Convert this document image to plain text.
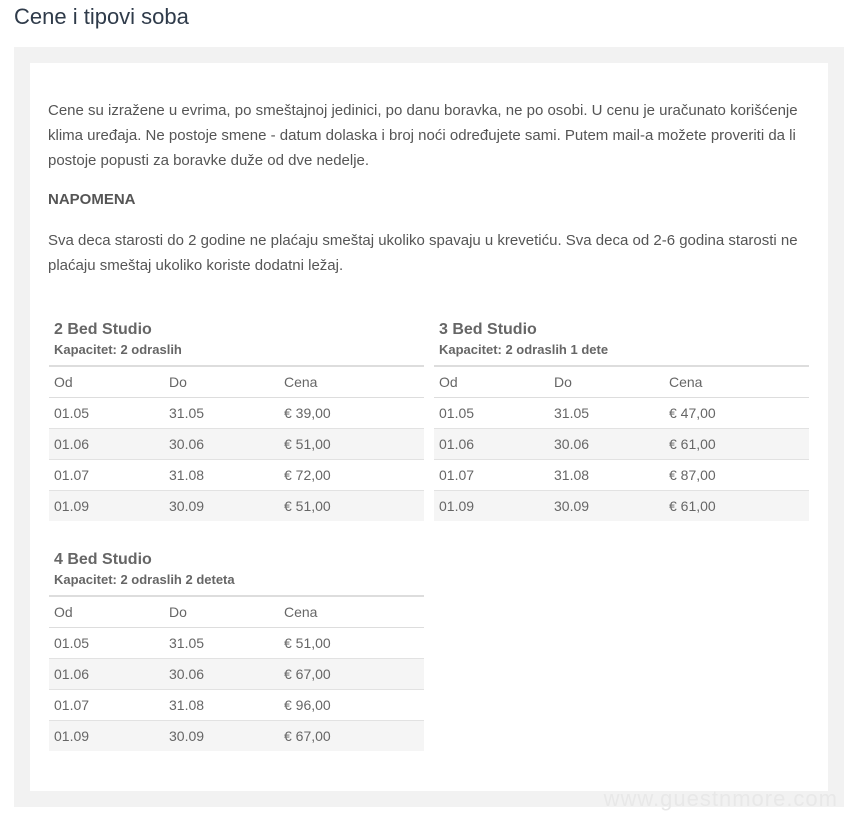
Cene i tipovi soba

Cene su izražene u evrima, po smeštajnoj jedinici, po danu boravka, ne po osobi. U cenu je uračunato korišćenje klima uređaja. Ne postoje smene - datum dolaska i broj noći određujete sami. Putem mail-a možete proveriti da li postoje popusti za boravke duže od dve nedelje.

NAPOMENA

Sva deca starosti do 2 godine ne plaćaju smeštaj ukoliko spavaju u krevetiću. Sva deca od 2-6 godina starosti ne plaćaju smeštaj ukoliko koriste dodatni ležaj.

2 Bed Studio
Kapacitet: 2 odraslih
Od	Do	Cena
01.05	31.05	€ 39,00
01.06	30.06	€ 51,00
01.07	31.08	€ 72,00
01.09	30.09	€ 51,00
3 Bed Studio
Kapacitet: 2 odraslih 1 dete
Od	Do	Cena
01.05	31.05	€ 47,00
01.06	30.06	€ 61,00
01.07	31.08	€ 87,00
01.09	30.09	€ 61,00
4 Bed Studio
Kapacitet: 2 odraslih 2 deteta
Od	Do	Cena
01.05	31.05	€ 51,00
01.06	30.06	€ 67,00
01.07	31.08	€ 96,00
01.09	30.09	€ 67,00
www.guestnmore.com
